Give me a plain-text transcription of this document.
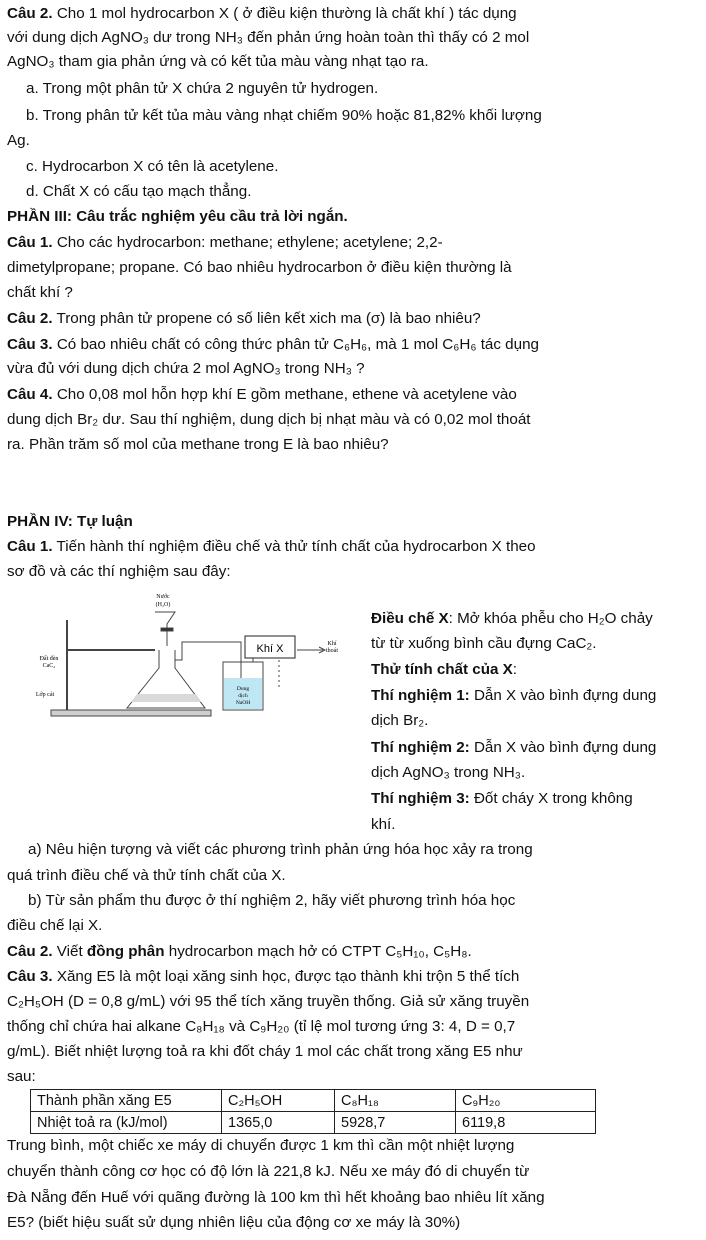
Câu 2. Cho 1 mol hydrocarbon X ( ở điều kiện thường là chất khí ) tác dụng
với dung dịch AgNO₃ dư trong NH₃ đến phản ứng hoàn toàn thì thấy có 2 mol
AgNO₃ tham gia phản ứng và có kết tủa màu vàng nhạt tạo ra.
a. Trong một phân tử X chứa 2 nguyên tử hydrogen.
b. Trong phân tử kết tủa màu vàng nhạt chiếm 90% hoặc 81,82% khối lượng
Ag.
c. Hydrocarbon X có tên là acetylene.
d. Chất X có cấu tạo mạch thẳng.
PHẦN III: Câu trắc nghiệm yêu cầu trả lời ngắn.
Câu 1. Cho các hydrocarbon: methane; ethylene; acetylene; 2,2-
dimetylpropane; propane. Có bao nhiêu hydrocarbon ở điều kiện thường là
chất khí ?
Câu 2. Trong phân tử propene có số liên kết xich ma (σ) là bao nhiêu?
Câu 3. Có bao nhiêu chất có công thức phân tử C₆H₆, mà 1 mol C₆H₆ tác dụng
vừa đủ với dung dịch chứa 2 mol AgNO₃ trong NH₃ ?
Câu 4. Cho 0,08 mol hỗn hợp khí E gồm methane, ethene và acetylene vào
dung dịch Br₂ dư. Sau thí nghiệm, dung dịch bị nhạt màu và có 0,02 mol thoát
ra. Phần trăm số mol của methane trong E là bao nhiêu?
PHẦN IV: Tự luận
Câu 1. Tiến hành thí nghiệm điều chế và thử tính chất của hydrocarbon X theo
sơ đồ và các thí nghiệm sau đây:
Khí X
Nước
(H₂O)
Khí
thoát
Đất đèn
CaC₂
Lớp cát
Dung
dịch
NaOH
Điều chế X: Mở khóa phễu cho H₂O chảy
từ từ xuống bình cầu đựng CaC₂.
Thử tính chất của X:
Thí nghiệm 1: Dẫn X vào bình đựng dung
dịch Br₂.
Thí nghiệm 2: Dẫn X vào bình đựng dung
dịch AgNO₃ trong NH₃.
Thí nghiệm 3: Đốt cháy X trong không
khí.
a) Nêu hiện tượng và viết các phương trình phản ứng hóa học xảy ra trong
quá trình điều chế và thử tính chất của X.
b) Từ sản phẩm thu được ở thí nghiệm 2, hãy viết phương trình hóa học
điều chế lại X.
Câu 2. Viết đồng phân hydrocarbon mạch hở có CTPT C₅H₁₀, C₅H₈.
Câu 3. Xăng E5 là một loại xăng sinh học, được tạo thành khi trộn 5 thể tích
C₂H₅OH (D = 0,8 g/mL) với 95 thể tích xăng truyền thống. Giả sử xăng truyền
thống chỉ chứa hai alkane C₈H₁₈ và C₉H₂₀ (tỉ lệ mol tương ứng 3: 4, D = 0,7
g/mL). Biết nhiệt lượng toả ra khi đốt cháy 1 mol các chất trong xăng E5 như
sau:
Thành phần xăng E5	C₂H₅OH	C₈H₁₈	C₉H₂₀
Nhiệt toả ra (kJ/mol)	1365,0	5928,7	6119,8
Trung bình, một chiếc xe máy di chuyển được 1 km thì cần một nhiệt lượng
chuyển thành công cơ học có độ lớn là 221,8 kJ. Nếu xe máy đó di chuyển từ
Đà Nẵng đến Huế với quãng đường là 100 km thì hết khoảng bao nhiêu lít xăng
E5? (biết hiệu suất sử dụng nhiên liệu của động cơ xe máy là 30%)
